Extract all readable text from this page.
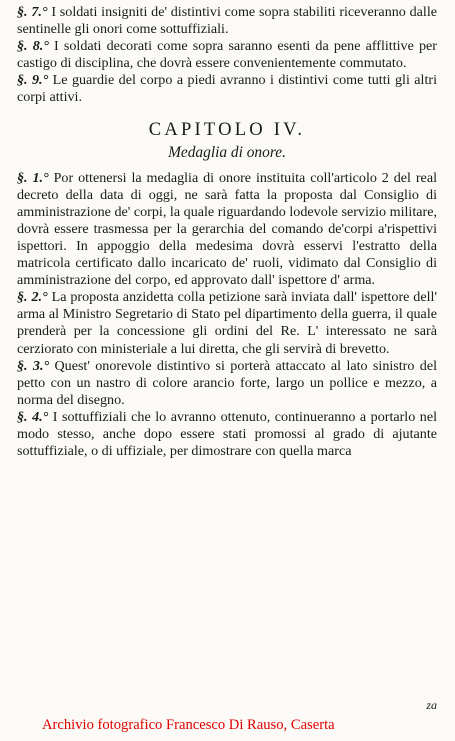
§. 7.° I soldati insigniti de' distintivi come sopra stabiliti riceveranno dalle sentinelle gli onori come sottuffiziali.

§. 8.° I soldati decorati come sopra saranno esenti da pene afflittive per castigo di disciplina, che dovrà essere convenientemente commutato.

§. 9.° Le guardie del corpo a piedi avranno i distintivi come tutti gli altri corpi attivi.

CAPITOLO IV.
Medaglia di onore.

§. 1.° Por ottenersi la medaglia di onore instituita coll'articolo 2 del real decreto della data di oggi, ne sarà fatta la proposta dal Consiglio di amministrazione de' corpi, la quale riguardando lodevole servizio militare, dovrà essere trasmessa per la gerarchia del comando de'corpi a'rispettivi ispettori. In appoggio della medesima dovrà esservi l'estratto della matricola certificato dallo incaricato de' ruoli, vidimato dal Consiglio di amministrazione del corpo, ed approvato dall' ispettore d' arma.

§. 2.° La proposta anzidetta colla petizione sarà inviata dall' ispettore dell' arma al Ministro Segretario di Stato pel dipartimento della guerra, il quale prenderà per la concessione gli ordini del Re. L' interessato ne sarà cerziorato con ministeriale a lui diretta, che gli servirà di brevetto.

§. 3.° Quest' onorevole distintivo si porterà attaccato al lato sinistro del petto con un nastro di colore arancio forte, largo un pollice e mezzo, a norma del disegno.

§. 4.° I sottuffiziali che lo avranno ottenuto, continueranno a portarlo nel modo stesso, anche dopo essere stati promossi al grado di ajutante sottuffiziale, o di uffiziale, per dimostrare con quella marca

za
Archivio fotografico Francesco Di Rauso, Caserta
